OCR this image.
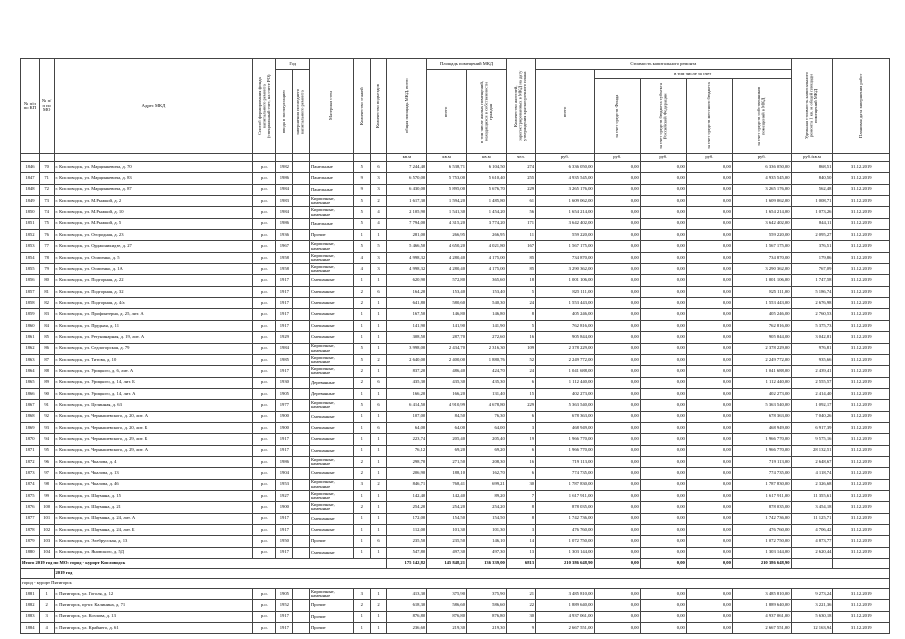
№ п/п по КП	№ п/п по МО	Адрес МКД	Способ формирования фонда капитального ремонта (специальный счет, на счете РО)	Год		Материал стен	Количество этажей	Количество подъездов	общая площадь МКД, всего	Площадь помещений МКД		Количество жителей, зарегистрированных в МКД на дату утверждения краткосрочного плана	Стоимость капитального ремонта					Удельная стоимость капитального ремонта 1 кв. м общей площади помещений МКД	Плановая дата завершения работ

				ввода в эксплуатацию	завершения последнего капитального ремонта					всего	в том числе жилых помещений, находящихся в собственности граждан		всего	в том числе за счет					

														за счет средств Фонда	за счет средств бюджета субъекта Российской Федерации	за счет средств местного бюджета	за счет средств собственников помещений в МКД		

									кв.м	кв.м	кв.м	чел.	руб.	руб.	руб.	руб.	руб.	руб./кв.м	
1846	70	г. Кисловодск, ул. Марцинкевича, д. 70	р.о.	1982		Панельные	5	6	7 244,40	6 538,71	6 104,50	274	6 336 050,00	0,00	0,00	0,00	6 336 050,00	868,51	31.12.2019
1847	71	г. Кисловодск, ул. Марцинкевича, д. 83	р.о.	1986		Панельные	9	3	6 570,00	5 753,00	5 610,40	255	4 935 545,00	0,00	0,00	0,00	4 935 545,00	840,50	31.12.2019
1848	72	г. Кисловодск, ул. Марцинкевича, д. 87	р.о.	1984		Панельные	9	3	6 430,00	5 895,00	5 676,70	229	3 265 176,00	0,00	0,00	0,00	3 265 176,00	562,48	31.12.2019
1849	73	г. Кисловодск, ул. М.Рыжкой, д. 2	р.о.	1983		Кирпичные, каменные	5	2	1 617,30	1 594,20	1 485,80	61	1 609 062,00	0,00	0,00	0,00	1 609 062,00	1 008,71	31.12.2019
1850	74	г. Кисловодск, ул. М.Рыжкой, д. 10	р.о.	1984		Кирпичные, каменные	5	4	2 105,90	1 541,30	1 454,20	56	1 654 214,00	0,00	0,00	0,00	1 654 214,00	1 073,26	31.12.2019
1851	75	г. Кисловодск, ул. М.Рыжкой, д. 5	р.о.	1986		Панельные	5	4	7 794,00	4 315,20	3 774,20	171	3 642 402,00	0,00	0,00	0,00	3 642 402,00	844,11	31.12.2019
1852	76	г. Кисловодск, ул. Огородная, д. 23	р.о.	1936		Прочие	1	1	281,00	266,95	266,95	11	559 220,00	0,00	0,00	0,00	559 220,00	2 095,27	31.12.2019
1853	77	г. Кисловодск, ул. Орджоникидзе, д. 27	р.о.	1967		Кирпичные, каменные	5	5	5 466,50	4 650,20	4 021,80	167	1 567 175,00	0,00	0,00	0,00	1 567 175,00	376,51	31.12.2019
1854	78	г. Кисловодск, ул. Осипенко, д. 5	р.о.	1958		Кирпичные, каменные	4	3	4 998,32	4 280,40	4 175,00	85	734 870,00	0,00	0,00	0,00	734 870,00	179,86	31.12.2019
1855	79	г. Кисловодск, ул. Осипенко, д. 1А	р.о.	1958		Кирпичные, каменные	4	3	4 998,32	4 280,40	4 175,00	85	3 290 362,00	0,00	0,00	0,00	3 290 362,00	767,09	31.12.2019
1856	80	г. Кисловодск, ул. Подгорная, д. 22	р.о.	1917		Смешанные	1	1	620,90	572,80	365,60	18	1 001 106,00	0,00	0,00	0,00	1 001 106,00	1 747,58	31.12.2019
1857	81	г. Кисловодск, ул. Подгорная, д. 32	р.о.	1917		Смешанные	2	6	164,20	153,40	153,40	5	825 111,00	0,00	0,00	0,00	825 111,00	5 186,74	31.12.2019
1858	82	г. Кисловодск, ул. Подгорная, д. 4/а	р.о.	1917		Смешанные	2	1	641,80	580,60	540,30	24	1 553 443,00	0,00	0,00	0,00	1 553 443,00	2 676,98	31.12.2019
1859	83	г. Кисловодск, ул. Профинтерна, д. 25, лит. А	р.о.	1917		Смешанные	1	1	167,50	146,80	146,80	8	405 246,00	0,00	0,00	0,00	405 246,00	2 760,53	31.12.2019
1860	84	г. Кисловодск, ул. Прудная, д. 11	р.о.	1917		Смешанные	1	1	141,90	141,90	141,90	5	762 816,00	0,00	0,00	0,00	762 816,00	5 375,73	31.12.2019
1861	85	г. Кисловодск, ул. Ретунинарная, д. 19, лит. А	р.о.	1929		Смешанные	1	1	308,50	287,70	272,60	16	905 844,00	0,00	0,00	0,00	905 844,00	3 042,81	31.12.2019
1862	86	г. Кисловодск, ул. Седлогорская, д. 79	р.о.	1984		Кирпичные, каменные	5	1	3 998,00	2 434,70	2 316,30	109	2 378 229,00	0,00	0,00	0,00	2 378 229,00	976,81	31.12.2019
1863	87	г. Кисловодск, ул. Титова, д. 10	р.о.	1985		Кирпичные, каменные	5	2	2 640,00	2 400,00	1 880,76	52	2 249 772,00	0,00	0,00	0,00	2 249 772,00	935,66	31.12.2019
1864	88	г. Кисловодск, ул. Урицкого, д. 6, лит. А	р.о.	1917		Кирпичные, каменные	2	1	837,20	486,40	424,70	24	1 041 688,00	0,00	0,00	0,00	1 041 688,00	2 439,41	31.12.2019
1865	89	г. Кисловодск, ул. Урицкого, д. 14, лит. Б	р.о.	1930		Деревянные	2	6	435,30	435,30	435,30	6	1 112 440,00	0,00	0,00	0,00	1 112 440,00	2 555,57	31.12.2019
1866	90	г. Кисловодск, ул. Урицкого, д. 14, лит. А	р.о.	1905		Деревянные	1	1	166,20	166,20	131,40	15	402 273,00	0,00	0,00	0,00	402 273,00	2 414,40	31.12.2019
1867	91	г. Кисловодск, ул. Целинная, д. 63	р.о.	1977		Кирпичные, каменные	5	6	6 414,50	4 910,99	4 678,80	229	5 363 540,00	0,00	0,00	0,00	5 363 540,00	1 092,17	31.12.2019
1868	92	г. Кисловодск, ул. Чернышевского, д. 20, лит. А	р.о.	1900		Смешанные	1	1	107,00	84,50	76,30	6	678 363,00	0,00	0,00	0,00	678 363,00	7 040,26	31.12.2019
1869	93	г. Кисловодск, ул. Чернышевского, д. 20, лит. Б	р.о.	1900		Смешанные	1	6	64,00	64,00	64,00	3	468 949,00	0,00	0,00	0,00	468 949,00	6 917,39	31.12.2019
1870	94	г. Кисловодск, ул. Чернышевского, д. 29, лит. Б	р.о.	1917		Смешанные	1	1	223,74	205,40	205,40	19	1 966 770,00	0,00	0,00	0,00	1 966 770,00	9 575,16	31.12.2019
1871	95	г. Кисловодск, ул. Чернышевского, д. 29, лит. А	р.о.	1917		Смешанные	1	1	76,12	69,20	69,20	6	1 966 770,00	0,00	0,00	0,00	1 966 770,00	28 132,51	31.12.2019
1872	96	г. Кисловодск, ул. Чкалова, д. 4	р.о.	1986		Кирпичные, каменные	2	1	298,70	271,50	208,30	16	719 113,00	0,00	0,00	0,00	719 113,00	2 648,67	31.12.2019
1873	97	г. Кисловодск, ул. Чкалова, д. 13	р.о.	1904		Смешанные	2	1	206,90	188,10	162,70	6	774 735,00	0,00	0,00	0,00	774 735,00	4 118,74	31.12.2019
1874	98	г. Кисловодск, ул. Чкалова, д. 46	р.о.	1953		Кирпичные, каменные	3	2	846,71	768,41	699,21	30	1 787 830,00	0,00	0,00	0,00	1 787 830,00	2 326,68	31.12.2019
1875	99	г. Кисловодск, ул. Шаумяна, д. 15	р.о.	1927		Кирпичные, каменные	1	1	142,40	142,40	89,20	7	1 617 911,00	0,00	0,00	0,00	1 617 911,00	11 355,61	31.12.2019
1876	100	г. Кисловодск, ул. Шаумяна, д. 21	р.о.	1900		Кирпичные, каменные	2	1	254,20	254,20	254,20	8	878 035,00	0,00	0,00	0,00	878 035,00	3 454,18	31.12.2019
1877	101	г. Кисловодск, ул. Шаумяна, д. 24, лит. А	р.о.	1917		Смешанные	1	1	172,00	154,50	154,50	8	1 742 736,00	0,00	0,00	0,00	1 742 736,00	11 125,71	31.12.2019
1878	102	г. Кисловодск, ул. Шаумяна, д. 24, лит. Б	р.о.	1917		Смешанные	1	1	112,00	101,30	101,30	3	476 760,00	0,00	0,00	0,00	476 760,00	4 706,42	31.12.2019
1879	103	г. Кисловодск, ул. Элебрусская, д. 13	р.о.	1950		Прочие	1	6	235,50	235,50	146,10	14	1 072 750,00	0,00	0,00	0,00	1 072 750,00	4 873,77	31.12.2019
1880	104	г. Кисловодск, ул. Яновского, д. 5Д	р.о.	1917		Смешанные	1	1	547,80	497,30	497,30	13	1 303 144,00	0,00	0,00	0,00	1 303 144,00	2 620,44	31.12.2019
Итого 2019 год по МО: город - курорт Кисловодск									175 142,82	145 848,21	136 339,00	6813	210 386 648,90	0,00	0,00	0,00	210 386 648,90		
		2019 год																	
город - курорт Пятигорск																			
1881	1	г. Пятигорск, ул. Гоголя, д. 12	р.о.	1905		Кирпичные, каменные	3	1	413,30	375,90	375,90	21	3 485 810,00	0,00	0,00	0,00	3 485 810,00	9 273,24	31.12.2019
1882	2	г. Пятигорск, пр-кт. Калинина, д. 71	р.о.	1952		Прочие	2	2	618,30	586,60	586,60	22	1 889 640,00	0,00	0,00	0,00	1 889 640,00	3 221,36	31.12.2019
1883	3	г. Пятигорск, ул. Козлова, д. 13	р.о.	1917		Прочие	1	1	876,80	876,80	876,80	30	4 937 061,00	0,00	0,00	0,00	4 937 061,00	5 630,18	31.12.2019
1884	4	г. Пятигорск, ул. Крайнего, д. 61	р.о.	1917		Прочие	1	1	236,60	219,30	219,30	9	2 667 551,00	0,00	0,00	0,00	2 667 551,00	12 163,94	31.12.2019
